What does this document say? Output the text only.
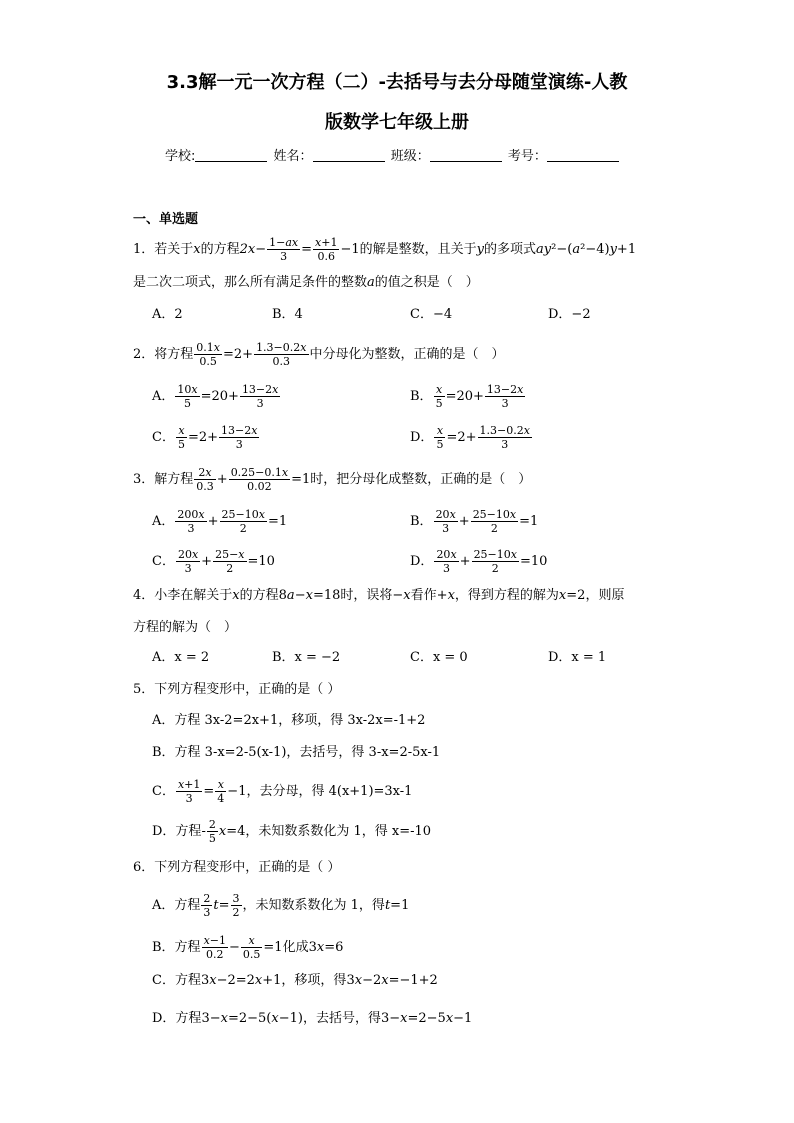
3.3解一元一次方程（二）-去括号与去分母随堂演练-人教
版数学七年级上册
学校:	姓名：	班级：	考号：
一、单选题
1．若关于x的方程$2x- \frac{1-ax}{3} = \frac{x+1}{0.6} -1$的解是整数，且关于y的多项式ay²−(a²−4)y+1
是二次二项式，那么所有满足条件的整数a的值之积是（　）
A．2	B．4	C．−4	D．−2
2．将方程 $\frac{0.1x}{0.5} =2+ \frac{1.3-0.2x}{0.3}$ 中分母化为整数，正确的是（　）
A． $\frac{10x}{5} =20+ \frac{13-2x}{3}$	B． $\frac{x}{5} =20+ \frac{13-2x}{3}$
C． $\frac{x}{5} =2+ \frac{13-2x}{3}$	D． $\frac{x}{5} =2+ \frac{1.3-0.2x}{3}$
3．解方程 $\frac{2x}{0.3} + \frac{0.25-0.1x}{0.02} =1$时，把分母化成整数，正确的是（　）
A． $\frac{200x}{3} + \frac{25-10x}{2} =1$	B． $\frac{20x}{3} + \frac{25-10x}{2} =1$
C． $\frac{20x}{3} + \frac{25-x}{2} =10$	D． $\frac{20x}{3} + \frac{25-10x}{2} =10$
4．小李在解关于x的方程8a−x=18时，误将−x看作+x，得到方程的解为x=2，则原
方程的解为（　）
A．x = 2	B．x = −2	C．x = 0	D．x = 1
5．下列方程变形中，正确的是（ ）
A．方程 3x-2=2x+1，移项，得 3x-2x=-1+2
B．方程 3-x=2-5(x-1)，去括号，得 3-x=2-5x-1
C． $\frac{x+1}{3} = \frac{x}{4} -1$，去分母，得 4(x+1)=3x-1
D．方程- $\frac{2}{5} x=4$，未知数系数化为 1，得 x=-10
6．下列方程变形中，正确的是（ ）
A．方程 $\frac{2}{3} t= \frac{3}{2}$ ，未知数系数化为 1，得t=1
B．方程 $\frac{x-1}{0.2} - \frac{x}{0.5} =1$化成3x=6
C．方程3x−2=2x+1，移项，得3x−2x=−1+2
D．方程3−x=2−5(x−1)，去括号，得3−x=2−5x−1
